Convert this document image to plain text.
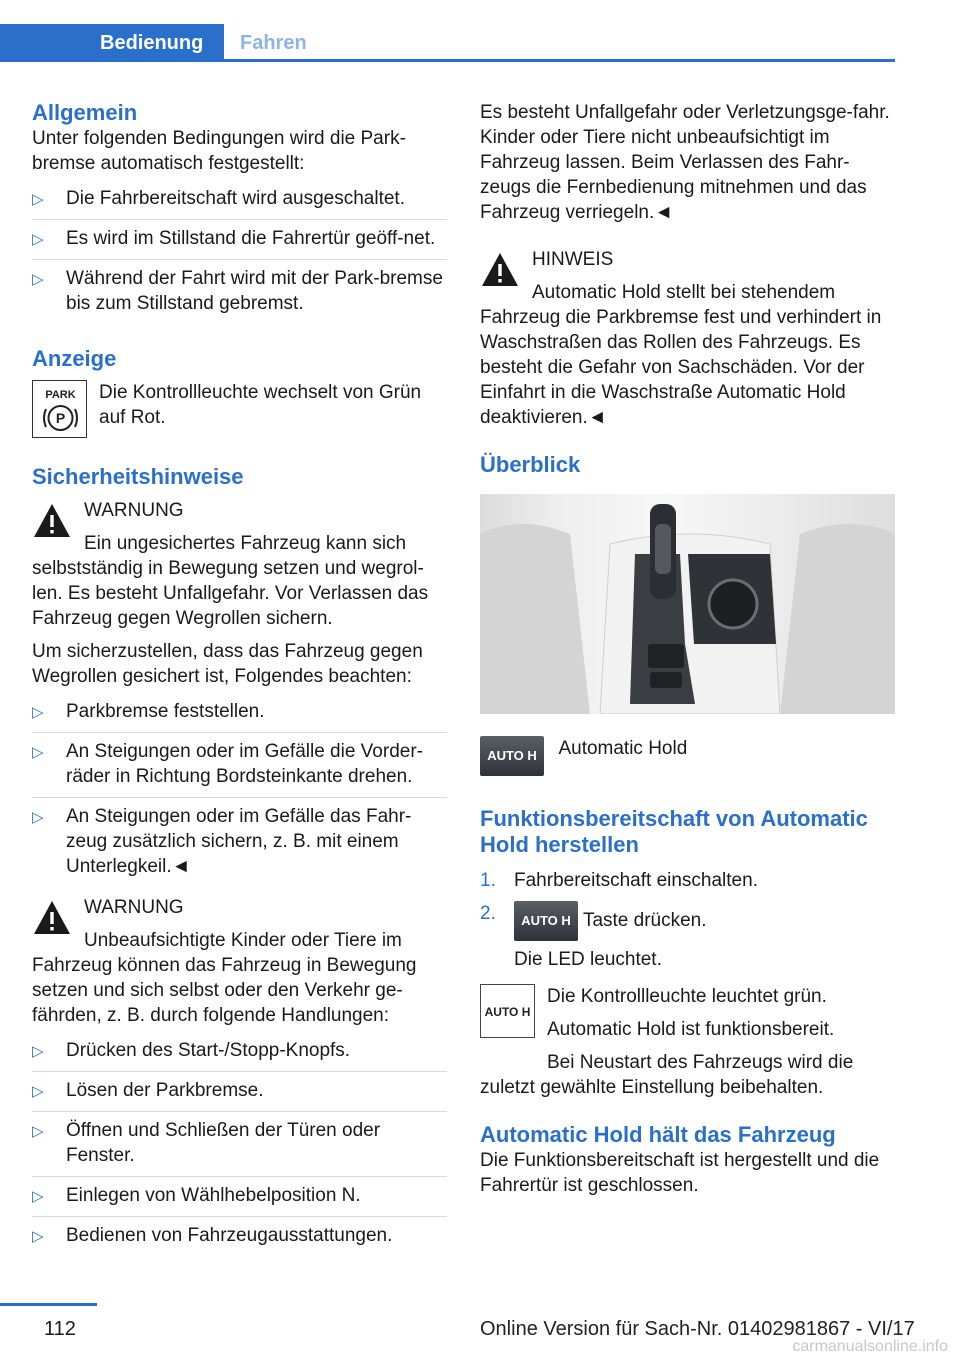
Bedienung	Fahren
Allgemein

Unter folgenden Bedingungen wird die Park-bremse automatisch festgestellt:

▷ Die Fahrbereitschaft wird ausgeschaltet.
▷ Es wird im Stillstand die Fahrertür geöff-net.
▷ Während der Fahrt wird mit der Park-bremse bis zum Stillstand gebremst.
Anzeige
PARK
P

Die Kontrollleuchte wechselt von Grün auf Rot.

Sicherheitshinweise

WARNUNG

Ein ungesichertes Fahrzeug kann sich selbstständig in Bewegung setzen und wegrol-len. Es besteht Unfallgefahr. Vor Verlassen das Fahrzeug gegen Wegrollen sichern.

Um sicherzustellen, dass das Fahrzeug gegen Wegrollen gesichert ist, Folgendes beachten:

▷ Parkbremse feststellen.
▷ An Steigungen oder im Gefälle die Vorder-räder in Richtung Bordsteinkante drehen.
▷ An Steigungen oder im Gefälle das Fahr-zeug zusätzlich sichern, z. B. mit einem Unterlegkeil.◄

WARNUNG

Unbeaufsichtigte Kinder oder Tiere im Fahrzeug können das Fahrzeug in Bewegung setzen und sich selbst oder den Verkehr ge-fährden, z. B. durch folgende Handlungen:

▷ Drücken des Start-/Stopp-Knopfs.
▷ Lösen der Parkbremse.
▷ Öffnen und Schließen der Türen oder Fenster.
▷ Einlegen von Wählhebelposition N.
▷ Bedienen von Fahrzeugausstattungen.

Es besteht Unfallgefahr oder Verletzungsge-fahr. Kinder oder Tiere nicht unbeaufsichtigt im Fahrzeug lassen. Beim Verlassen des Fahr-zeugs die Fernbedienung mitnehmen und das Fahrzeug verriegeln.◄

HINWEIS

Automatic Hold stellt bei stehendem Fahrzeug die Parkbremse fest und verhindert in Waschstraßen das Rollen des Fahrzeugs. Es besteht die Gefahr von Sachschäden. Vor der Einfahrt in die Waschstraße Automatic Hold deaktivieren.◄

Überblick
AUTO H Automatic Hold
Funktionsbereitschaft von Automatic Hold herstellen
1. Fahrbereitschaft einschalten.
2. AUTO H Taste drücken.

Die LED leuchtet.

AUTO H

Die Kontrollleuchte leuchtet grün.

Automatic Hold ist funktionsbereit.

Bei Neustart des Fahrzeugs wird die zuletzt gewählte Einstellung beibehalten.

Automatic Hold hält das Fahrzeug

Die Funktionsbereitschaft ist hergestellt und die Fahrertür ist geschlossen.

112	Online Version für Sach-Nr. 01402981867 - VI/17
carmanualsonline.info
